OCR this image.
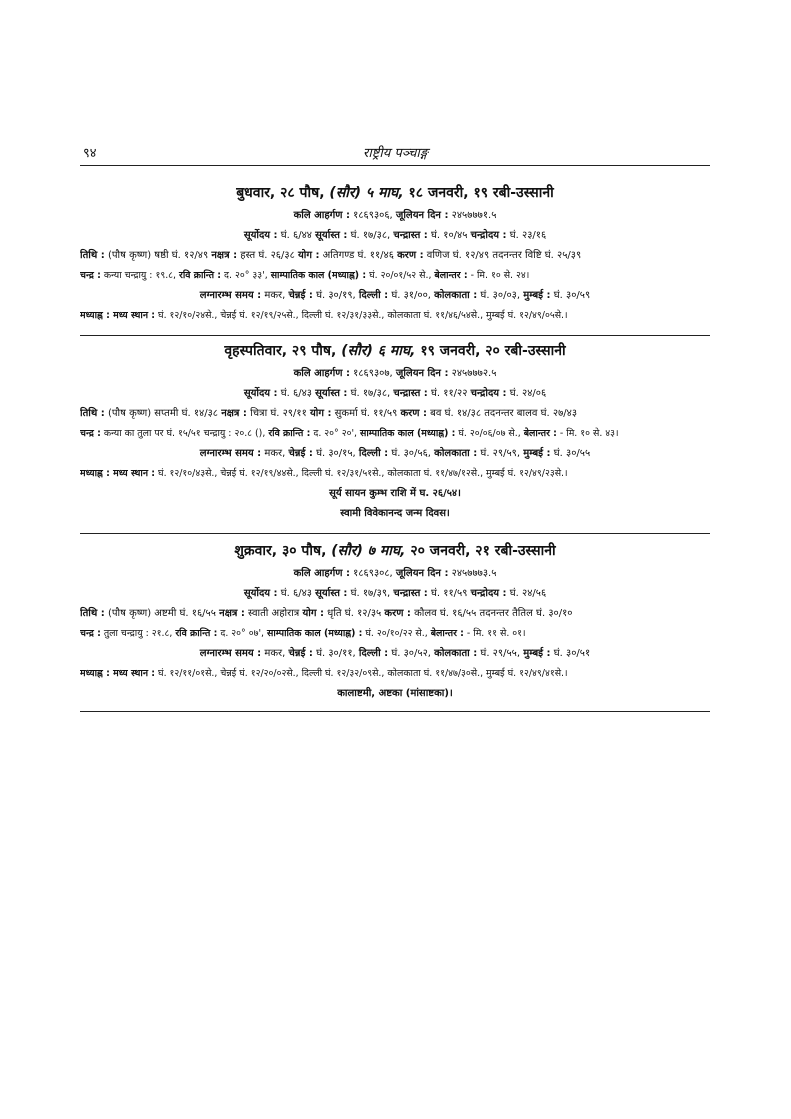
९४	राष्ट्रीय पञ्चाङ्ग
बुधवार, २८ पौष, (सौर) ५ माघ, १८ जनवरी, १९ रबी-उस्सानी
कलि आहर्गण : १८६९३०६, जूलियन दिन : २४५७७७१.५
सूर्योदय : घं. ६/४४ सूर्यास्त : घं. १७/३८, चन्द्रास्त : घं. १०/४५ चन्द्रोदय : घं. २३/१६
तिथि : (पौष कृष्ण) षष्ठी घं. १२/४९ नक्षत्र : हस्त घं. २६/३८ योग : अतिगण्ड घं. ११/४६ करण : वणिज घं. १२/४९ तदनन्तर विष्टि घं. २५/३९
चन्द्र : कन्या चन्द्रायु : १९.८, रवि क्रान्ति : द. २०° ३३', साम्पातिक काल (मध्याह्न) : घं. २०/०१/५२ से., बेलान्तर : - मि. १० से. २४।
लग्नारम्भ समय : मकर, चेन्नई : घं. ३०/१९, दिल्ली : घं. ३१/००, कोलकाता : घं. ३०/०३, मुम्बई : घं. ३०/५९
मध्याह्न : मध्य स्थान : घं. १२/१०/२४से., चेन्नई घं. १२/१९/२५से., दिल्ली घं. १२/३१/३३से., कोलकाता घं. ११/४६/५४से., मुम्बई घं. १२/४९/०५से.।
वृहस्पतिवार, २९ पौष, (सौर) ६ माघ, १९ जनवरी, २० रबी-उस्सानी
कलि आहर्गण : १८६९३०७, जूलियन दिन : २४५७७७२.५
सूर्योदय : घं. ६/४३ सूर्यास्त : घं. १७/३८, चन्द्रास्त : घं. ११/२२ चन्द्रोदय : घं. २४/०६
तिथि : (पौष कृष्ण) सप्तमी घं. १४/३८ नक्षत्र : चित्रा घं. २९/११ योग : सुकर्मा घं. ११/५९ करण : बव घं. १४/३८ तदनन्तर बालव घं. २७/४३
चन्द्र : कन्या का तुला पर घं. १५/५१ चन्द्रायु : २०.८ (), रवि क्रान्ति : द. २०° २०', साम्पातिक काल (मध्याह्न) : घं. २०/०६/०७ से., बेलान्तर : - मि. १० से. ४३।
लग्नारम्भ समय : मकर, चेन्नई : घं. ३०/१५, दिल्ली : घं. ३०/५६, कोलकाता : घं. २९/५९, मुम्बई : घं. ३०/५५
मध्याह्न : मध्य स्थान : घं. १२/१०/४३से., चेन्नई घं. १२/१९/४४से., दिल्ली घं. १२/३१/५१से., कोलकाता घं. ११/४७/१२से., मुम्बई घं. १२/४९/२३से.।
सूर्य सायन कुम्भ राशि में घ. २६/५४।
स्वामी विवेकानन्द जन्म दिवस।
शुक्रवार, ३० पौष, (सौर) ७ माघ, २० जनवरी, २१ रबी-उस्सानी
कलि आहर्गण : १८६९३०८, जूलियन दिन : २४५७७७३.५
सूर्योदय : घं. ६/४३ सूर्यास्त : घं. १७/३९, चन्द्रास्त : घं. ११/५९ चन्द्रोदय : घं. २४/५६
तिथि : (पौष कृष्ण) अष्टमी घं. १६/५५ नक्षत्र : स्वाती अहोरात्र योग : धृति घं. १२/३५ करण : कौलव घं. १६/५५ तदनन्तर तैतिल घं. ३०/१०
चन्द्र : तुला चन्द्रायु : २१.८, रवि क्रान्ति : द. २०° ०७', साम्पातिक काल (मध्याह्न) : घं. २०/१०/२२ से., बेलान्तर : - मि. ११ से. ०१।
लग्नारम्भ समय : मकर, चेन्नई : घं. ३०/११, दिल्ली : घं. ३०/५२, कोलकाता : घं. २९/५५, मुम्बई : घं. ३०/५१
मध्याह्न : मध्य स्थान : घं. १२/११/०१से., चेन्नई घं. १२/२०/०२से., दिल्ली घं. १२/३२/०९से., कोलकाता घं. ११/४७/३०से., मुम्बई घं. १२/४९/४१से.।
कालाष्टमी, अष्टका (मांसाष्टका)।
